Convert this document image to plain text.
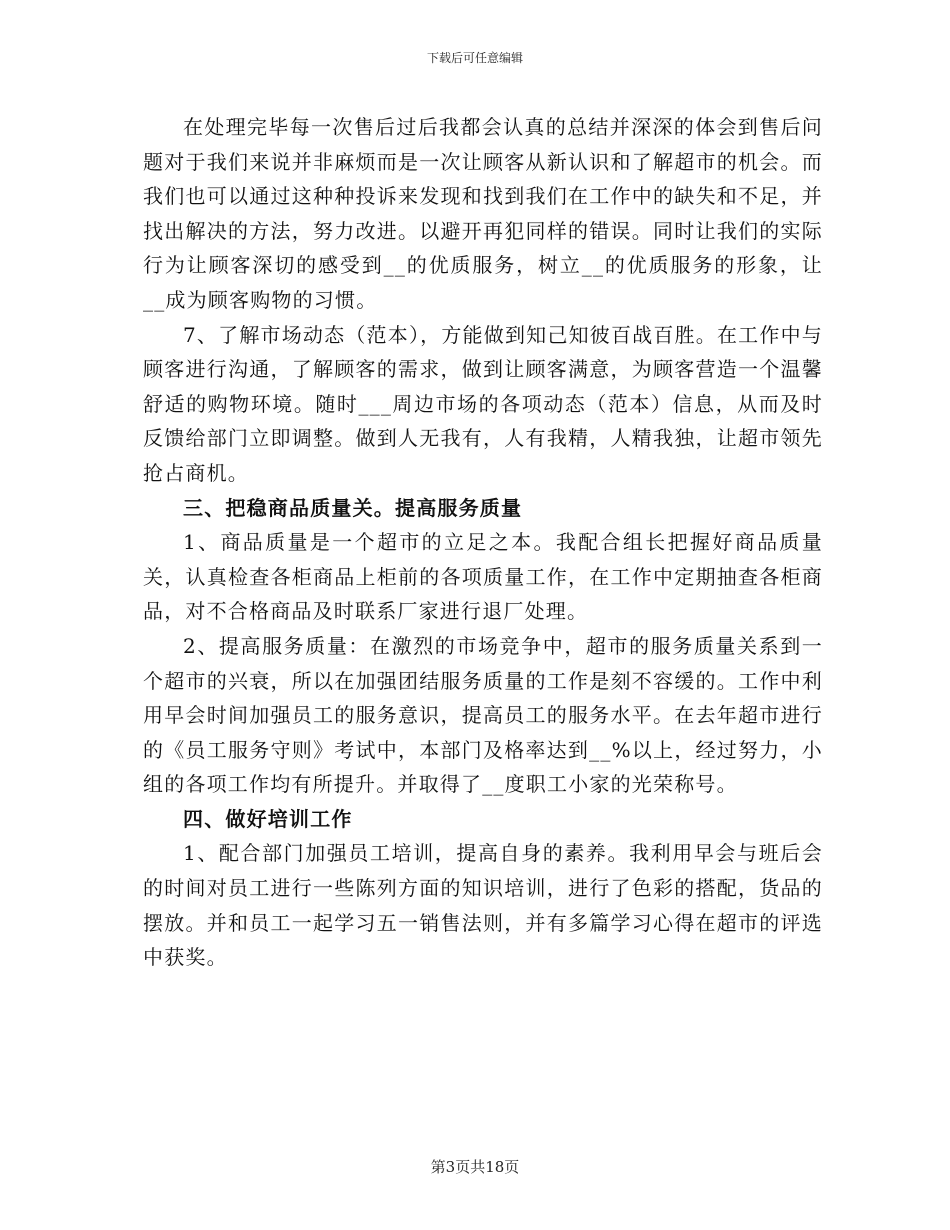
下载后可任意编辑

在处理完毕每一次售后过后我都会认真的总结并深深的体会到售后问题对于我们来说并非麻烦而是一次让顾客从新认识和了解超市的机会。而我们也可以通过这种种投诉来发现和找到我们在工作中的缺失和不足，并找出解决的方法，努力改进。以避开再犯同样的错误。同时让我们的实际行为让顾客深切的感受到__的优质服务，树立__的优质服务的形象，让__成为顾客购物的习惯。

7、了解市场动态（范本），方能做到知己知彼百战百胜。在工作中与顾客进行沟通，了解顾客的需求，做到让顾客满意，为顾客营造一个温馨舒适的购物环境。随时___周边市场的各项动态（范本）信息，从而及时反馈给部门立即调整。做到人无我有，人有我精，人精我独，让超市领先抢占商机。

三、把稳商品质量关。提高服务质量

1、商品质量是一个超市的立足之本。我配合组长把握好商品质量关，认真检查各柜商品上柜前的各项质量工作，在工作中定期抽查各柜商品，对不合格商品及时联系厂家进行退厂处理。

2、提高服务质量：在激烈的市场竞争中，超市的服务质量关系到一个超市的兴衰，所以在加强团结服务质量的工作是刻不容缓的。工作中利用早会时间加强员工的服务意识，提高员工的服务水平。在去年超市进行的《员工服务守则》考试中，本部门及格率达到__%以上，经过努力，小组的各项工作均有所提升。并取得了__度职工小家的光荣称号。

四、做好培训工作

1、配合部门加强员工培训，提高自身的素养。我利用早会与班后会的时间对员工进行一些陈列方面的知识培训，进行了色彩的搭配，货品的摆放。并和员工一起学习五一销售法则，并有多篇学习心得在超市的评选中获奖。

第3页共18页
